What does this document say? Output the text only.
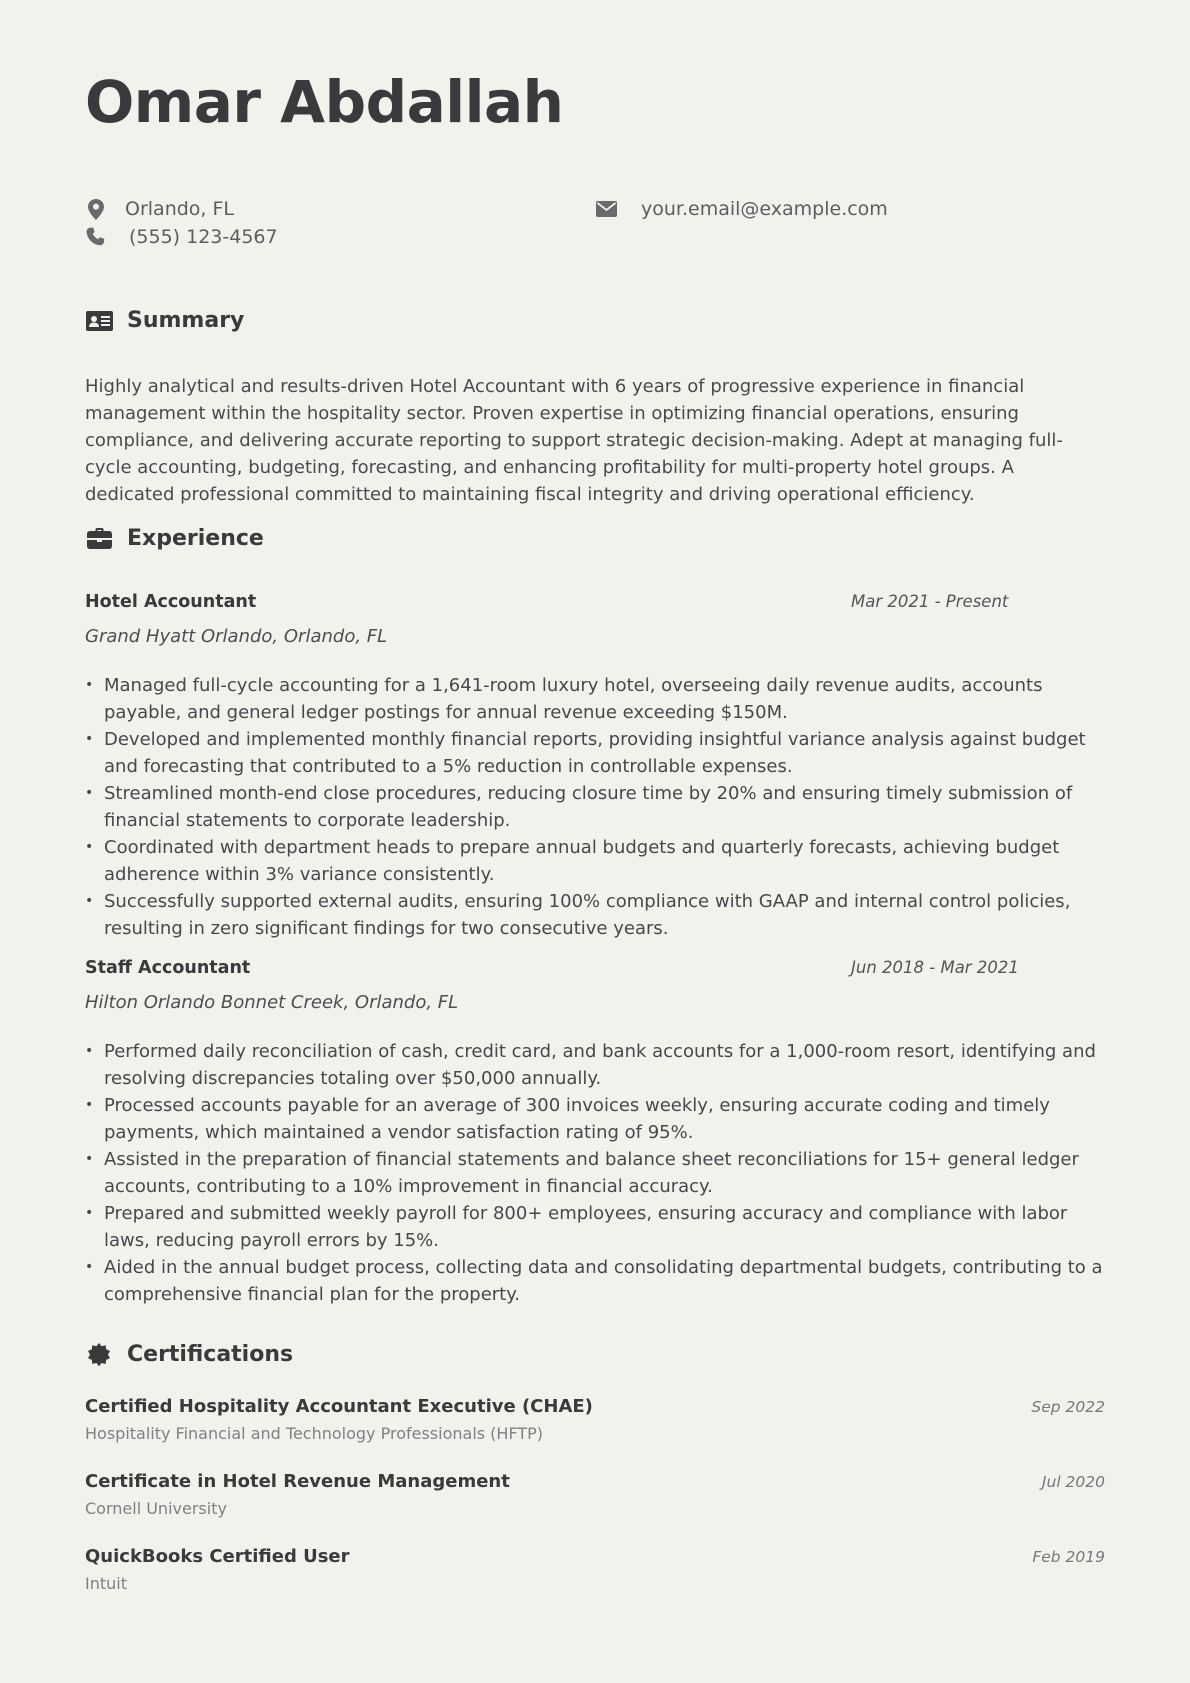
Omar Abdallah
Orlando, FL
(555) 123-4567
your.email@example.com
Summary

Highly analytical and results-driven Hotel Accountant with 6 years of progressive experience in financial management within the hospitality sector. Proven expertise in optimizing financial operations, ensuring compliance, and delivering accurate reporting to support strategic decision-making. Adept at managing full-cycle accounting, budgeting, forecasting, and enhancing profitability for multi-property hotel groups. A dedicated professional committed to maintaining fiscal integrity and driving operational efficiency.

Experience
Hotel Accountant	Mar 2021 - Present
Grand Hyatt Orlando, Orlando, FL
• Managed full-cycle accounting for a 1,641-room luxury hotel, overseeing daily revenue audits, accounts payable, and general ledger postings for annual revenue exceeding $150M.
• Developed and implemented monthly financial reports, providing insightful variance analysis against budget and forecasting that contributed to a 5% reduction in controllable expenses.
• Streamlined month-end close procedures, reducing closure time by 20% and ensuring timely submission of financial statements to corporate leadership.
• Coordinated with department heads to prepare annual budgets and quarterly forecasts, achieving budget adherence within 3% variance consistently.
• Successfully supported external audits, ensuring 100% compliance with GAAP and internal control policies, resulting in zero significant findings for two consecutive years.
Staff Accountant	Jun 2018 - Mar 2021
Hilton Orlando Bonnet Creek, Orlando, FL
• Performed daily reconciliation of cash, credit card, and bank accounts for a 1,000-room resort, identifying and resolving discrepancies totaling over $50,000 annually.
• Processed accounts payable for an average of 300 invoices weekly, ensuring accurate coding and timely payments, which maintained a vendor satisfaction rating of 95%.
• Assisted in the preparation of financial statements and balance sheet reconciliations for 15+ general ledger accounts, contributing to a 10% improvement in financial accuracy.
• Prepared and submitted weekly payroll for 800+ employees, ensuring accuracy and compliance with labor laws, reducing payroll errors by 15%.
• Aided in the annual budget process, collecting data and consolidating departmental budgets, contributing to a comprehensive financial plan for the property.
Certifications
Certified Hospitality Accountant Executive (CHAE)	Sep 2022
Hospitality Financial and Technology Professionals (HFTP)
Certificate in Hotel Revenue Management	Jul 2020
Cornell University
QuickBooks Certified User	Feb 2019
Intuit
